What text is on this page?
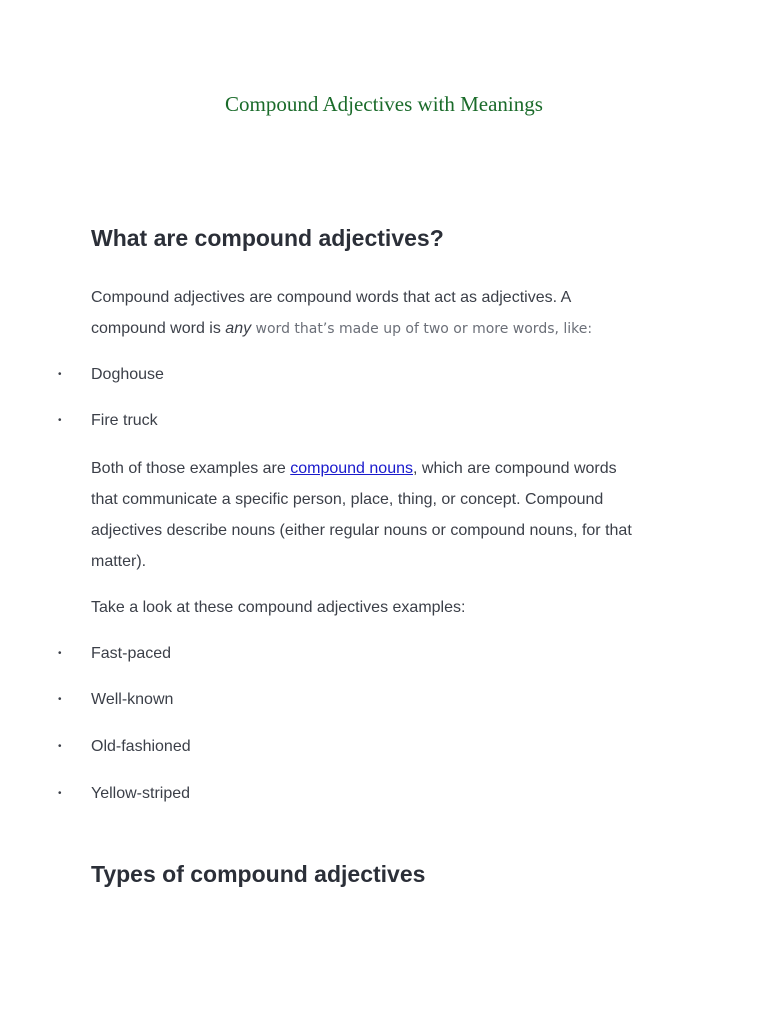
Compound Adjectives with Meanings
What are compound adjectives?

Compound adjectives are compound words that act as adjectives. A
compound word is any word that’s made up of two or more words, like:

•	Doghouse
•	Fire truck

Both of those examples are compound nouns, which are compound words
that communicate a specific person, place, thing, or concept. Compound
adjectives describe nouns (either regular nouns or compound nouns, for that
matter).

Take a look at these compound adjectives examples:

•	Fast-paced
•	Well-known
•	Old-fashioned
•	Yellow-striped
Types of compound adjectives
